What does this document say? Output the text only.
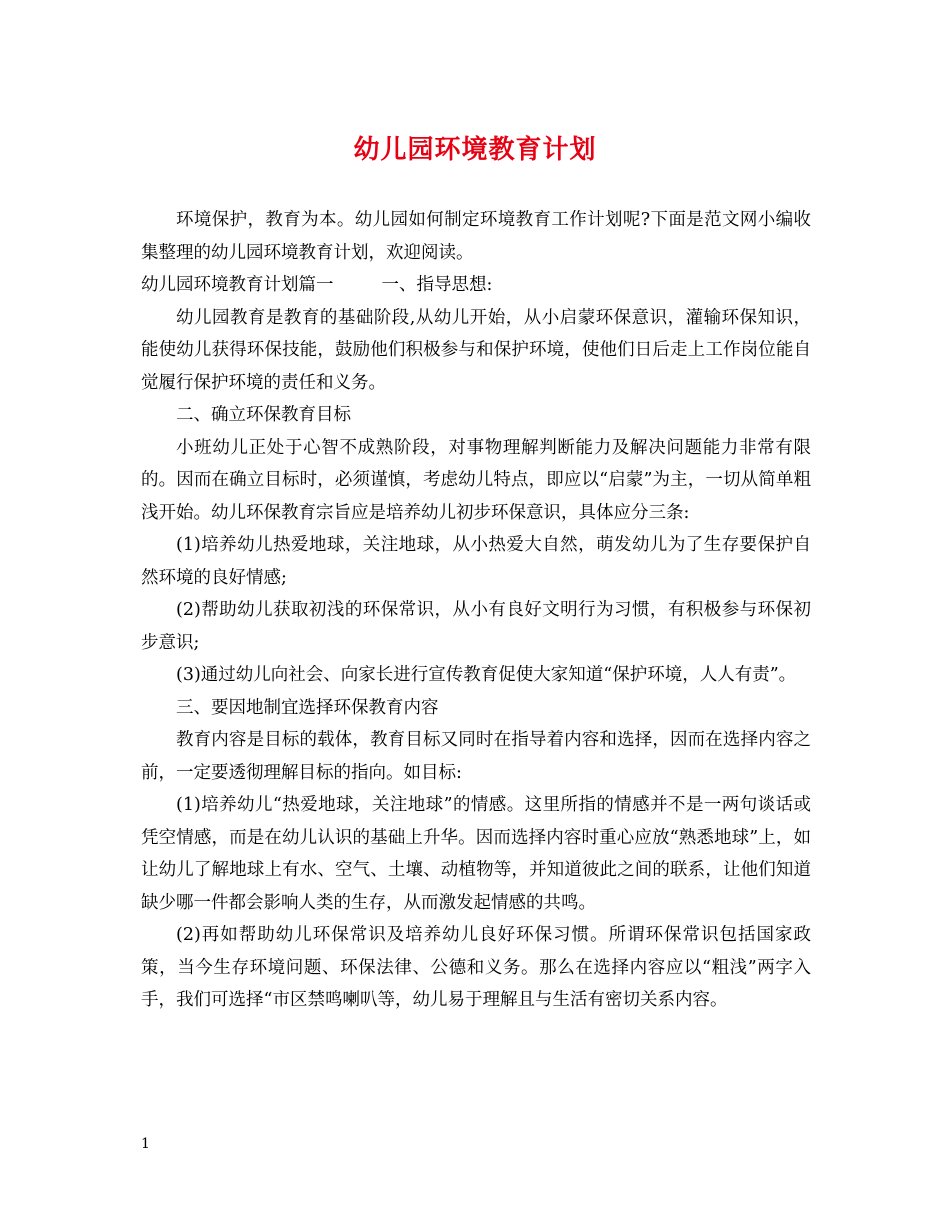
幼儿园环境教育计划

环境保护，教育为本。幼儿园如何制定环境教育工作计划呢?下面是范文网小编收集整理的幼儿园环境教育计划，欢迎阅读。

幼儿园环境教育计划篇一	一、指导思想:

幼儿园教育是教育的基础阶段,从幼儿开始，从小启蒙环保意识，灌输环保知识，能使幼儿获得环保技能，鼓励他们积极参与和保护环境，使他们日后走上工作岗位能自觉履行保护环境的责任和义务。

二、确立环保教育目标

小班幼儿正处于心智不成熟阶段，对事物理解判断能力及解决问题能力非常有限的。因而在确立目标时，必须谨慎，考虑幼儿特点，即应以“启蒙”为主，一切从简单粗浅开始。幼儿环保教育宗旨应是培养幼儿初步环保意识，具体应分三条:

(1)培养幼儿热爱地球，关注地球，从小热爱大自然，萌发幼儿为了生存要保护自然环境的良好情感;

(2)帮助幼儿获取初浅的环保常识，从小有良好文明行为习惯，有积极参与环保初步意识;

(3)通过幼儿向社会、向家长进行宣传教育促使大家知道“保护环境，人人有责”。

三、要因地制宜选择环保教育内容

教育内容是目标的载体，教育目标又同时在指导着内容和选择，因而在选择内容之前，一定要透彻理解目标的指向。如目标:

(1)培养幼儿“热爱地球，关注地球”的情感。这里所指的情感并不是一两句谈话或凭空情感，而是在幼儿认识的基础上升华。因而选择内容时重心应放“熟悉地球”上，如让幼儿了解地球上有水、空气、土壤、动植物等，并知道彼此之间的联系，让他们知道缺少哪一件都会影响人类的生存，从而激发起情感的共鸣。

(2)再如帮助幼儿环保常识及培养幼儿良好环保习惯。所谓环保常识包括国家政策，当今生存环境问题、环保法律、公德和义务。那么在选择内容应以“粗浅”两字入手，我们可选择“市区禁鸣喇叭等，幼儿易于理解且与生活有密切关系内容。

1
